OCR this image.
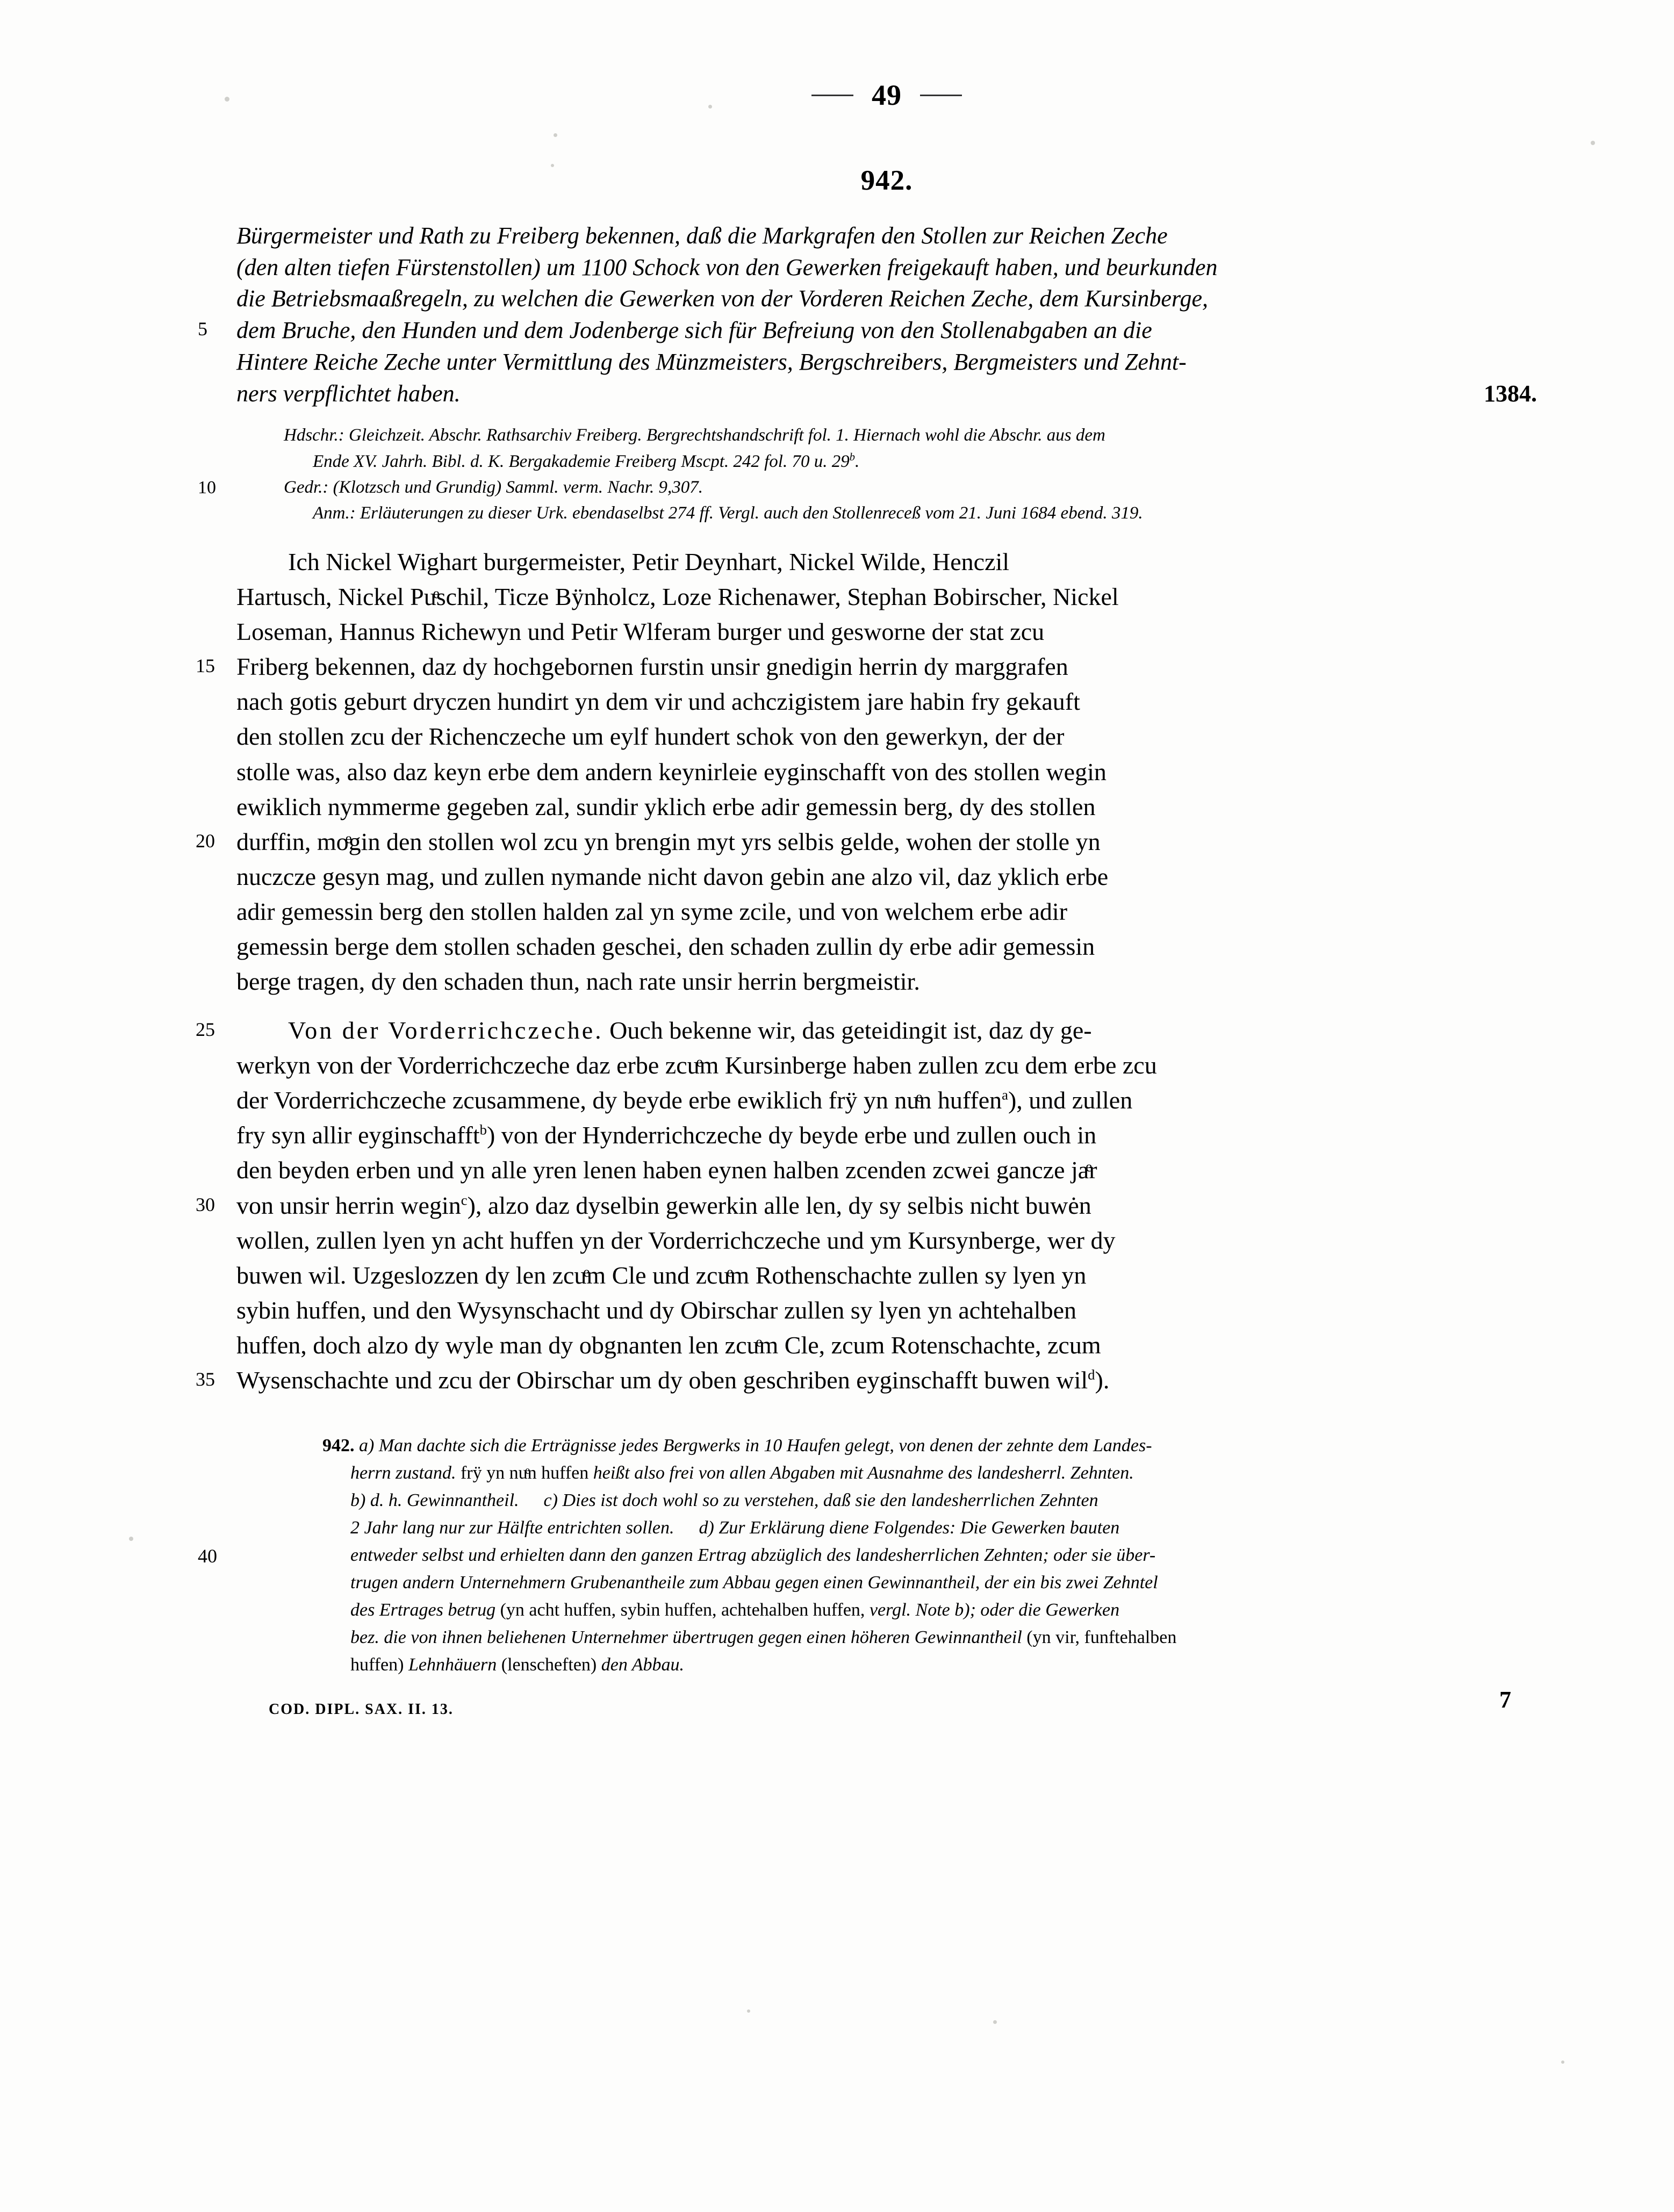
49
942.
Bürgermeister und Rath zu Freiberg bekennen, daß die Markgrafen den Stollen zur Reichen Zeche
(den alten tiefen Fürstenstollen) um 1100 Schock von den Gewerken freigekauft haben, und beurkunden
die Betriebsmaaßregeln, zu welchen die Gewerken von der Vorderen Reichen Zeche, dem Kursinberge,
5 dem Bruche, den Hunden und dem Jodenberge sich für Befreiung von den Stollenabgaben an die
Hintere Reiche Zeche unter Vermittlung des Münzmeisters, Bergschreibers, Bergmeisters und Zehnt-
1384.
ners verpflichtet haben.
Hdschr.: Gleichzeit. Abschr. Rathsarchiv Freiberg. Bergrechtshandschrift fol. 1. Hiernach wohl die Abschr. aus dem
Ende XV. Jahrh. Bibl. d. K. Bergakademie Freiberg Mscpt. 242 fol. 70 u. 29$^b$.
10	Gedr.: (Klotzsch und Grundig) Samml. verm. Nachr. 9,307.
Anm.: Erläuterungen zu dieser Urk. ebendaselbst 274 ff. Vergl. auch den Stollenreceß vom 21. Juni 1684 ebend. 319.
Ich Nickel Wighart burgermeister, Petir Deynhart, Nickel Wilde, Henczil
Hartusch, Nickel Puͤschil, Ticze Bÿnholcz, Loze Richenawer, Stephan Bobirscher, Nickel
Loseman, Hannus Richewyn und Petir Wlferam burger und gesworne der stat zcu
15 Friberg bekennen, daz dy hochgebornen furstin unsir gnedigin herrin dy marggrafen
nach gotis geburt dryczen hundirt yn dem vir und achczigistem jare habin fry gekauft
den stollen zcu der Richenczeche um eylf hundert schok von den gewerkyn, der der
stolle was, also daz keyn erbe dem andern keynirleie eyginschafft von des stollen wegin
ewiklich nymmerme gegeben zal, sundir yklich erbe adir gemessin berg, dy des stollen
20 durffin, moͤgin den stollen wol zcu yn brengin myt yrs selbis gelde, wohen der stolle yn
nuczcze gesyn mag, und zullen nymande nicht davon gebin ane alzo vil, daz yklich erbe
adir gemessin berg den stollen halden zal yn syme zcile, und von welchem erbe adir
gemessin berge dem stollen schaden geschei, den schaden zullin dy erbe adir gemessin
berge tragen, dy den schaden thun, nach rate unsir herrin bergmeistir.
25	Von der Vorderrichczeche. Ouch bekenne wir, das geteidingit ist, daz dy ge-
werkyn von der Vorderrichczeche daz erbe zcuͤm Kursinberge haben zullen zcu dem erbe zcu
der Vorderrichczeche zcusammene, dy beyde erbe ewiklich frÿ yn nuͤn huffen$^a$), und zullen
fry syn allir eyginschafft$^b$) von der Hynderrichczeche dy beyde erbe und zullen ouch in
den beyden erben und yn alle yren lenen haben eynen halben zcenden zcwei gancze jaͤr
30 von unsir herrin wegin$^c$), alzo daz dyselbin gewerkin alle len, dy sy selbis nicht buwėn
wollen, zullen lyen yn acht huffen yn der Vorderrichczeche und ym Kursynberge, wer dy
buwen wil. Uzgeslozzen dy len zcuͤm Cle und zcuͤm Rothenschachte zullen sy lyen yn
sybin huffen, und den Wysynschacht und dy Obirschar zullen sy lyen yn achtehalben
huffen, doch alzo dy wyle man dy obgnanten len zcuͤm Cle, zcum Rotenschachte, zcum
35 Wysenschachte und zcu der Obirschar um dy oben geschriben eyginschafft buwen wil$^d$).
942. a) Man dachte sich die Erträgnisse jedes Bergwerks in 10 Haufen gelegt, von denen der zehnte dem Landes-
herrn zustand. frÿ yn nuͤn huffen heißt also frei von allen Abgaben mit Ausnahme des landesherrl. Zehnten.
b) d. h. Gewinnantheil. c) Dies ist doch wohl so zu verstehen, daß sie den landesherrlichen Zehnten
2 Jahr lang nur zur Hälfte entrichten sollen. d) Zur Erklärung diene Folgendes: Die Gewerken bauten
40	entweder selbst und erhielten dann den ganzen Ertrag abzüglich des landesherrlichen Zehnten; oder sie über-
trugen andern Unternehmern Grubenantheile zum Abbau gegen einen Gewinnantheil, der ein bis zwei Zehntel
des Ertrages betrug (yn acht huffen, sybin huffen, achtehalben huffen, vergl. Note b); oder die Gewerken
bez. die von ihnen beliehenen Unternehmer übertrugen gegen einen höheren Gewinnantheil (yn vir, funftehalben
huffen) Lehnhäuern (lenscheften) den Abbau.
COD. DIPL. SAX. II. 13.	7
